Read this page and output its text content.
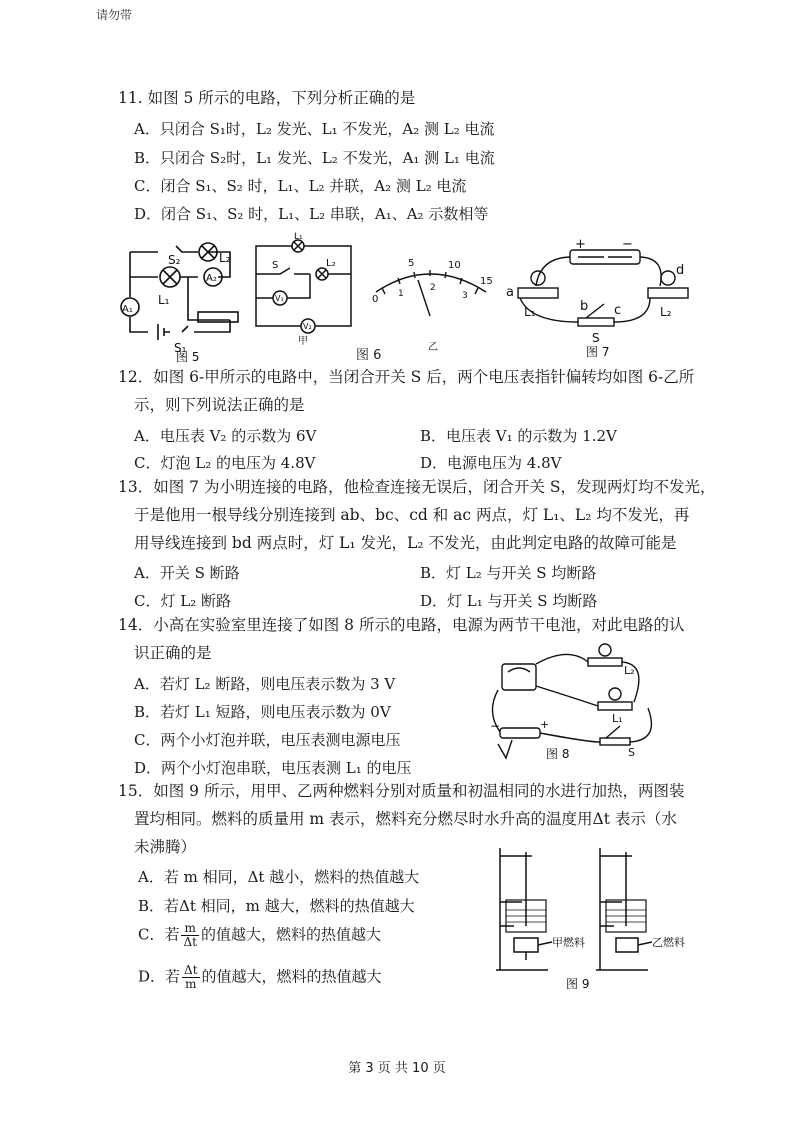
请勿带
11. 如图 5 所示的电路，下列分析正确的是
A．只闭合 S₁时，L₂ 发光、L₁ 不发光，A₂ 测 L₂ 电流
B．只闭合 S₂时，L₁ 发光、L₂ 不发光，A₁ 测 L₁ 电流
C．闭合 S₁、S₂ 时，L₁、L₂ 并联，A₂ 测 L₂ 电流
D．闭合 S₁、S₂ 时，L₁、L₂ 串联，A₁、A₂ 示数相等
S₂	L₂
L₁
A₁
A₂
S₁
图 5
L₁
L₂
S
V₁
V₂
甲
0 1
5
2
10
15
3
乙
图 6
+	−
a
b c
d
L₁	L₂
S
图 7
12．如图 6-甲所示的电路中，当闭合开关 S 后，两个电压表指针偏转均如图 6-乙所
示，则下列说法正确的是
A．电压表 V₂ 的示数为 6V	B．电压表 V₁ 的示数为 1.2V
C．灯泡 L₂ 的电压为 4.8V	D．电源电压为 4.8V
13．如图 7 为小明连接的电路，他检查连接无误后，闭合开关 S，发现两灯均不发光，
于是他用一根导线分别连接到 ab、bc、cd 和 ac 两点，灯 L₁、L₂ 均不发光，再
用导线连接到 bd 两点时，灯 L₁ 发光，L₂ 不发光，由此判定电路的故障可能是
A．开关 S 断路	B．灯 L₂ 与开关 S 均断路
C．灯 L₂ 断路	D．灯 L₁ 与开关 S 均断路
14．小高在实验室里连接了如图 8 所示的电路，电源为两节干电池，对此电路的认
识正确的是
A．若灯 L₂ 断路，则电压表示数为 3 V
B．若灯 L₁ 短路，则电压表示数为 0V
C．两个小灯泡并联，电压表测电源电压
D．两个小灯泡串联，电压表测 L₁ 的电压
L₂
L₁
S
−	+
图 8
15．如图 9 所示，用甲、乙两种燃料分别对质量和初温相同的水进行加热，两图装
置均相同。燃料的质量用 m 表示，燃料充分燃尽时水升高的温度用Δt 表示（水
未沸腾）
A．若 m 相同，Δt 越小，燃料的热值越大
B．若Δt 相同，m 越大，燃料的热值越大
C．若 $\frac{m}{\Delta t}$ 的值越大，燃料的热值越大
D．若 $\frac{\Delta t}{m}$ 的值越大，燃料的热值越大
甲燃料	乙燃料
图 9
第 3 页 共 10 页
